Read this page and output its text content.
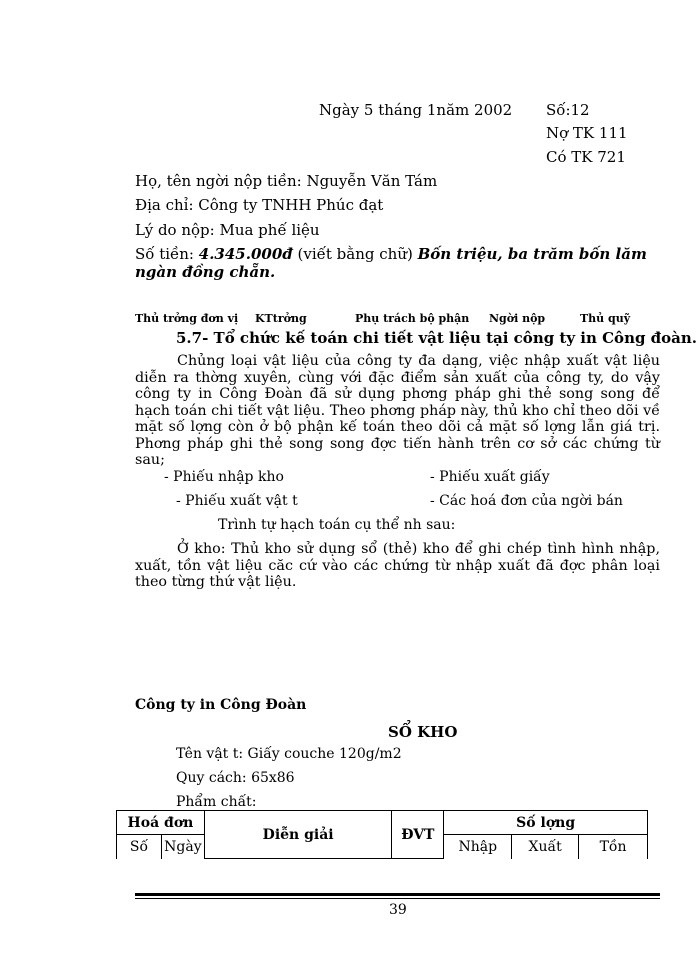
Ngày 5 tháng 1năm 2002 Số:12
Nợ TK 111
Có TK 721
Họ, tên ngời nộp tiền: Nguyễn Văn Tám
Địa chỉ: Công ty TNHH Phúc đạt
Lý do nộp: Mua phế liệu
Số tiền: 4.345.000đ (viết bằng chữ) Bốn triệu, ba trăm bốn lăm ngàn đồng chẵn.
Thủ trởng đơn vị KTtrởng	Phụ trách bộ phận Ngời nộp	Thủ quỹ
5.7- Tổ chức kế toán chi tiết vật liệu tại công ty in Công đoàn.
Chủng loại vật liệu của công ty đa dạng, việc nhập xuất vật liệu diễn ra thờng xuyên, cùng với đặc điểm sản xuất của công ty, do vậy công ty in Công Đoàn đã sử dụng phơng pháp ghi thẻ song song để hạch toán chi tiết vật liệu. Theo phơng pháp này, thủ kho chỉ theo dõi về mặt số lợng còn ở bộ phận kế toán theo dõi cả mặt số lợng lẫn giá trị. Phơng pháp ghi thẻ song song đợc tiến hành trên cơ sở các chứng từ sau;
- Phiếu nhập kho	- Phiếu xuất giấy
- Phiếu xuất vật t	- Các hoá đơn của ngời bán
Trình tự hạch toán cụ thể nh sau:
Ở kho: Thủ kho sử dụng sổ (thẻ) kho để ghi chép tình hình nhập, xuất, tồn vật liệu căc cứ vào các chứng từ nhập xuất đã đợc phân loại theo từng thứ vật liệu.
Công ty in Công Đoàn
SỔ KHO
Tên vật t: Giấy couche 120g/m2
Quy cách: 65x86
Phẩm chất:
Hoá đơn		Diễn giải	ĐVT	Số lợng		
Số	Ngày			Nhập	Xuất	Tồn
39
